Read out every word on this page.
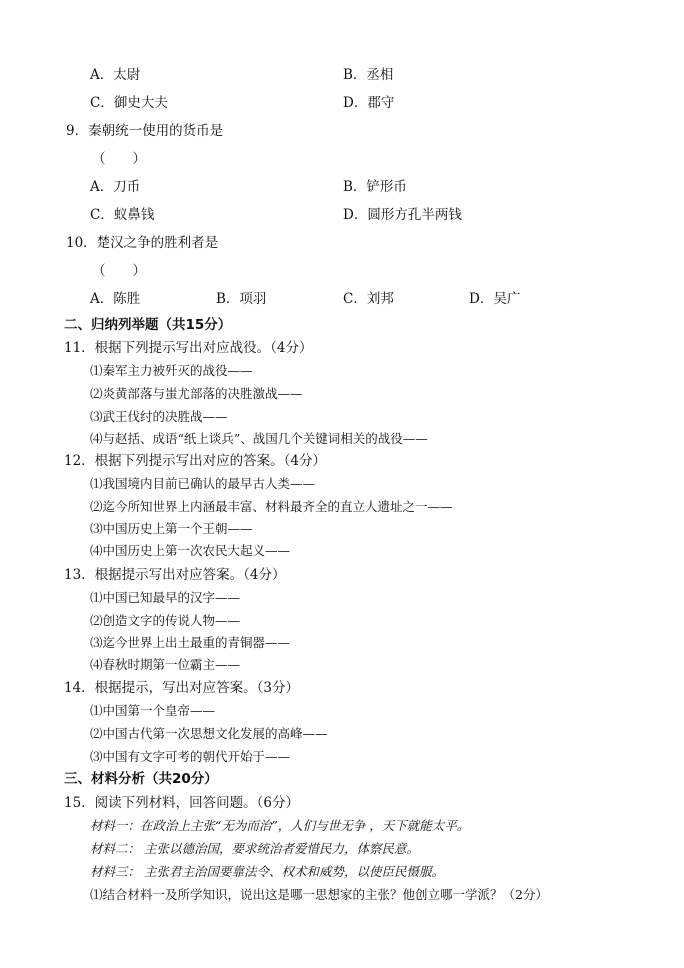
A．太尉	B．丞相
C．御史大夫	D．郡守
9．秦朝统一使用的货币是
（　　）
A．刀币	B．铲形币
C．蚁鼻钱	D．圆形方孔半两钱
10．楚汉之争的胜利者是
（　　）
A．陈胜	B．项羽	C．刘邦	D．吴广
二、归纳列举题（共15分）
11．根据下列提示写出对应战役。（4分）
⑴秦军主力被歼灭的战役——
⑵炎黄部落与蚩尤部落的决胜激战——
⑶武王伐纣的决胜战——
⑷与赵括、成语“纸上谈兵”、战国几个关键词相关的战役——
12．根据下列提示写出对应的答案。（4分）
⑴我国境内目前已确认的最早古人类——
⑵迄今所知世界上内涵最丰富、材料最齐全的直立人遗址之一——
⑶中国历史上第一个王朝——
⑷中国历史上第一次农民大起义——
13．根据提示写出对应答案。（4分）
⑴中国已知最早的汉字——
⑵创造文字的传说人物——
⑶迄今世界上出土最重的青铜器——
⑷春秋时期第一位霸主——
14．根据提示，写出对应答案。（3分）
⑴中国第一个皇帝——
⑵中国古代第一次思想文化发展的高峰——
⑶中国有文字可考的朝代开始于——
三、材料分析（共20分）
15．阅读下列材料，回答问题。（6分）
材料一：在政治上主张“无为而治”，人们与世无争 ，天下就能太平。
材料二： 主张以德治国，要求统治者爱惜民力，体察民意。
材料三： 主张君主治国要靠法令、权术和威势，以使臣民慑服。
⑴结合材料一及所学知识，说出这是哪一思想家的主张？他创立哪一学派？（2分）
